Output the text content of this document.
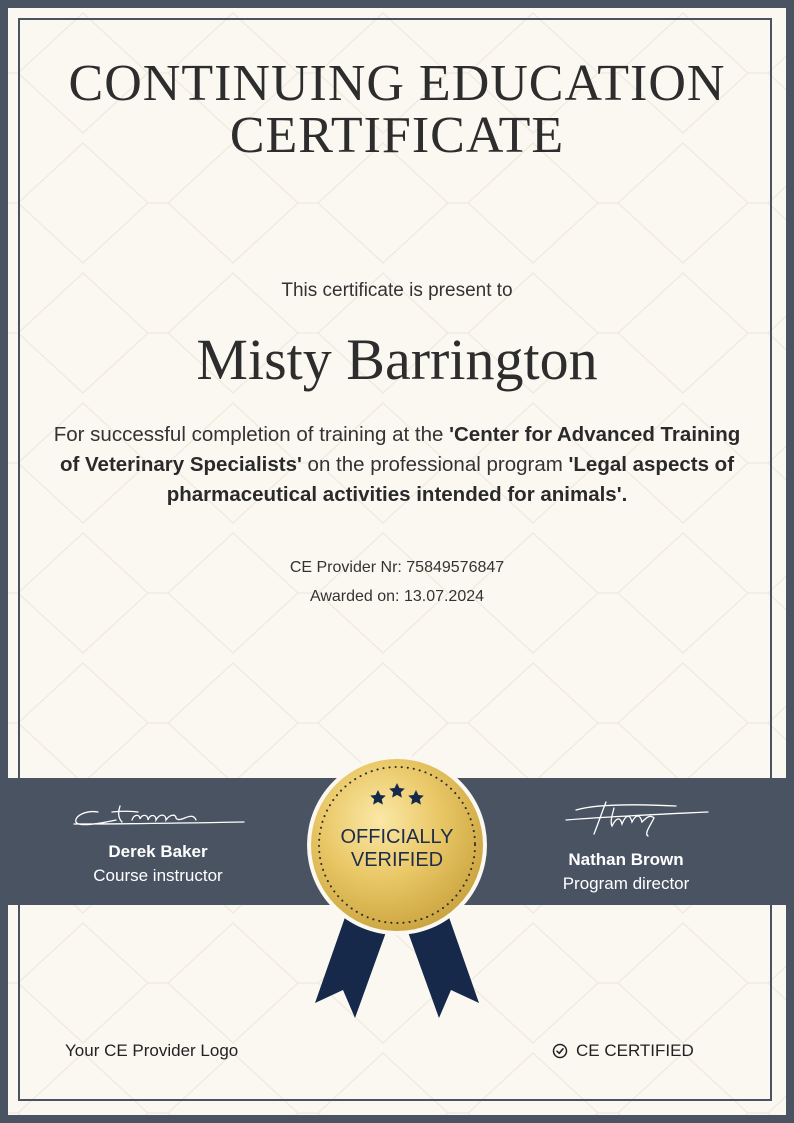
CONTINUING EDUCATION
CERTIFICATE
This certificate is present to
Misty Barrington
For successful completion of training at the 'Center for Advanced Training of Veterinary Specialists' on the professional program 'Legal aspects of pharmaceutical activities intended for animals'.
CE Provider Nr: 75849576847
Awarded on: 13.07.2024
Derek Baker
Course instructor
Nathan Brown
Program director
OFFICIALLY
VERIFIED
Your CE Provider Logo	CE CERTIFIED
